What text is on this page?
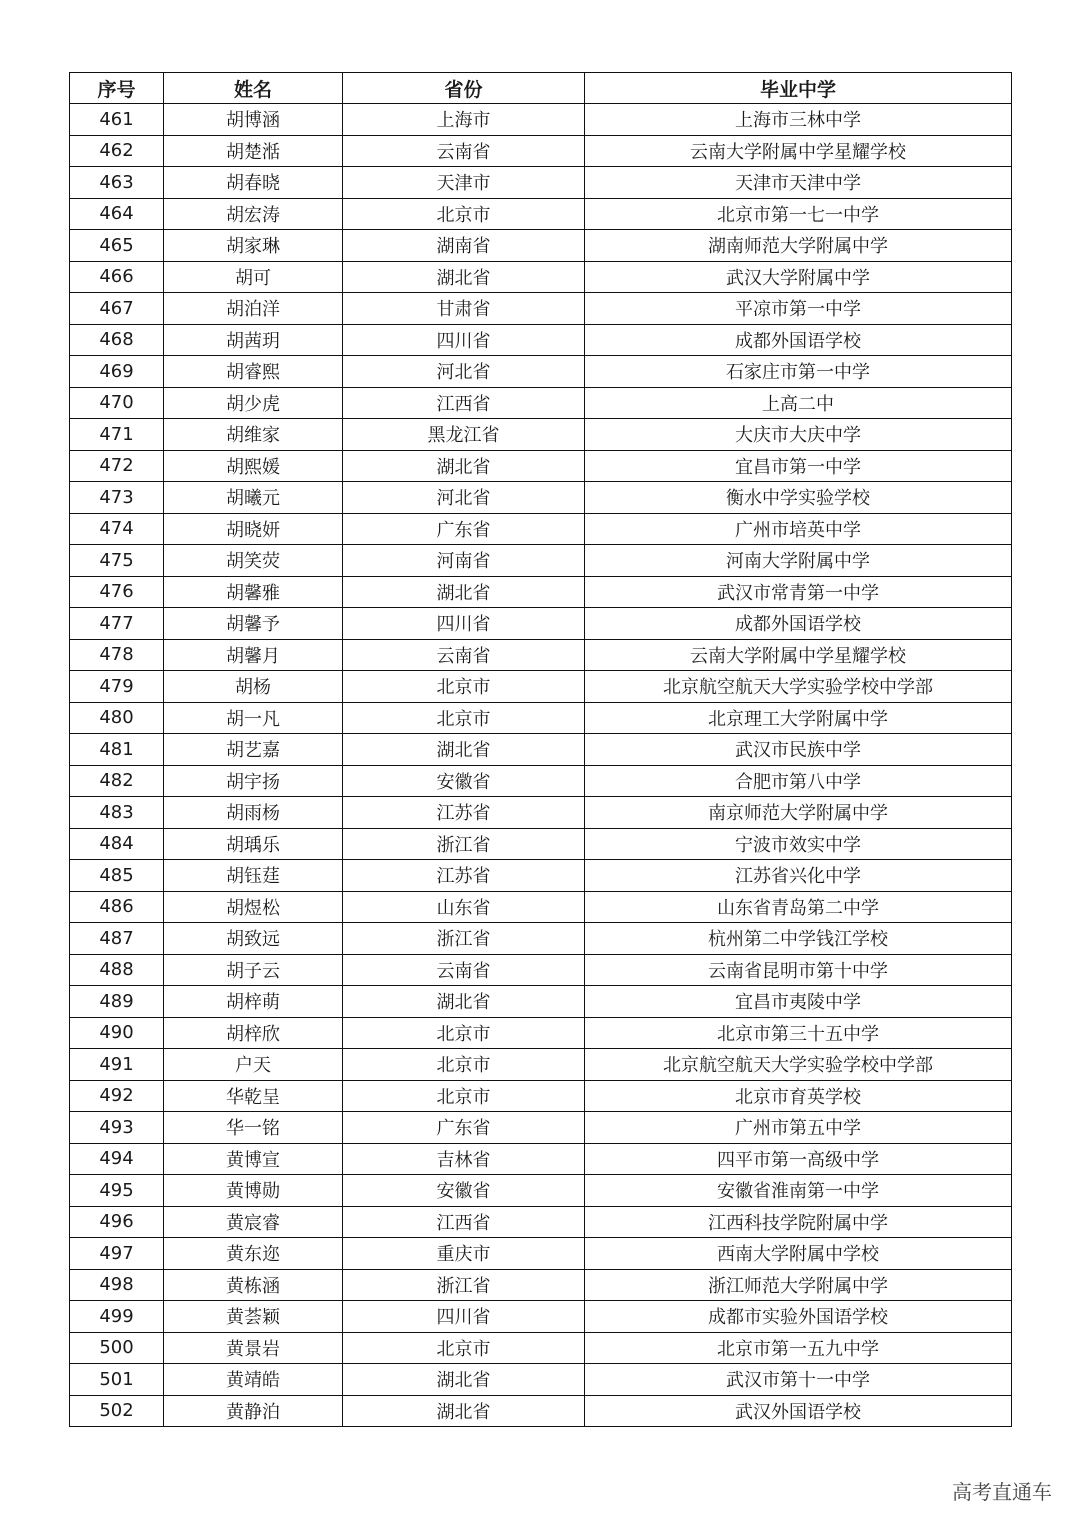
序号	姓名	省份	毕业中学
461	胡博涵	上海市	上海市三林中学
462	胡楚湉	云南省	云南大学附属中学星耀学校
463	胡春晓	天津市	天津市天津中学
464	胡宏涛	北京市	北京市第一七一中学
465	胡家琳	湖南省	湖南师范大学附属中学
466	胡可	湖北省	武汉大学附属中学
467	胡泊洋	甘肃省	平凉市第一中学
468	胡茜玥	四川省	成都外国语学校
469	胡睿熙	河北省	石家庄市第一中学
470	胡少虎	江西省	上高二中
471	胡维家	黑龙江省	大庆市大庆中学
472	胡熙媛	湖北省	宜昌市第一中学
473	胡曦元	河北省	衡水中学实验学校
474	胡晓妍	广东省	广州市培英中学
475	胡笑荧	河南省	河南大学附属中学
476	胡馨雅	湖北省	武汉市常青第一中学
477	胡馨予	四川省	成都外国语学校
478	胡馨月	云南省	云南大学附属中学星耀学校
479	胡杨	北京市	北京航空航天大学实验学校中学部
480	胡一凡	北京市	北京理工大学附属中学
481	胡艺嘉	湖北省	武汉市民族中学
482	胡宇扬	安徽省	合肥市第八中学
483	胡雨杨	江苏省	南京师范大学附属中学
484	胡瑀乐	浙江省	宁波市效实中学
485	胡钰莛	江苏省	江苏省兴化中学
486	胡煜松	山东省	山东省青岛第二中学
487	胡致远	浙江省	杭州第二中学钱江学校
488	胡子云	云南省	云南省昆明市第十中学
489	胡梓萌	湖北省	宜昌市夷陵中学
490	胡梓欣	北京市	北京市第三十五中学
491	户天	北京市	北京航空航天大学实验学校中学部
492	华乾呈	北京市	北京市育英学校
493	华一铭	广东省	广州市第五中学
494	黄博宣	吉林省	四平市第一高级中学
495	黄博勋	安徽省	安徽省淮南第一中学
496	黄宸睿	江西省	江西科技学院附属中学
497	黄东迩	重庆市	西南大学附属中学校
498	黄栋涵	浙江省	浙江师范大学附属中学
499	黄荟颖	四川省	成都市实验外国语学校
500	黄景岩	北京市	北京市第一五九中学
501	黄靖皓	湖北省	武汉市第十一中学
502	黄静泊	湖北省	武汉外国语学校
高考直通车
